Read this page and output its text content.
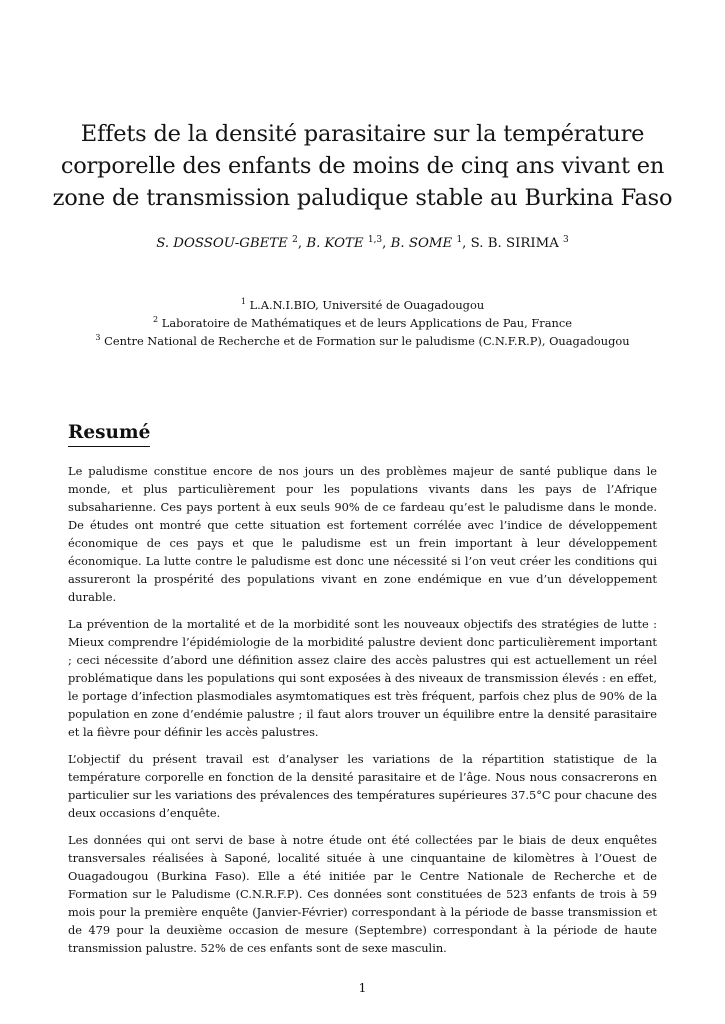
Effets de la densité parasitaire sur la température corporelle des enfants de moins de cinq ans vivant en zone de transmission paludique stable au Burkina Faso
S. DOSSOU-GBETE $^2$, B. KOTE $^{1,3}$, B. SOME $^1$, S. B. SIRIMA $^3$
$^1$ L.A.N.I.BIO, Université de Ouagadougou
$^2$ Laboratoire de Mathématiques et de leurs Applications de Pau, France
$^3$ Centre National de Recherche et de Formation sur le paludisme (C.N.F.R.P), Ouagadougou
Resumé

Le paludisme constitue encore de nos jours un des problèmes majeur de santé publique dans le monde, et plus particulièrement pour les populations vivants dans les pays de l’Afrique subsaharienne. Ces pays portent à eux seuls 90% de ce fardeau qu’est le paludisme dans le monde. De études ont montré que cette situation est fortement corrélée avec l’indice de développement économique de ces pays et que le paludisme est un frein important à leur développement économique. La lutte contre le paludisme est donc une nécessité si l’on veut créer les conditions qui assureront la prospérité des populations vivant en zone endémique en vue d’un développement durable.

La prévention de la mortalité et de la morbidité sont les nouveaux objectifs des stratégies de lutte : Mieux comprendre l’épidémiologie de la morbidité palustre devient donc particulièrement important ; ceci nécessite d’abord une définition assez claire des accès palustres qui est actuellement un réel problématique dans les populations qui sont exposées à des niveaux de transmission élevés : en effet, le portage d’infection plasmodiales asymtomatiques est très fréquent, parfois chez plus de 90% de la population en zone d’endémie palustre ; il faut alors trouver un équilibre entre la densité parasitaire et la fièvre pour définir les accès palustres.

L’objectif du présent travail est d’analyser les variations de la répartition statistique de la température corporelle en fonction de la densité parasitaire et de l’âge. Nous nous consacrerons en particulier sur les variations des prévalences des températures supérieures 37.5°C pour chacune des deux occasions d’enquête.

Les données qui ont servi de base à notre étude ont été collectées par le biais de deux enquêtes transversales réalisées à Saponé, localité située à une cinquantaine de kilomètres à l’Ouest de Ouagadougou (Burkina Faso). Elle a été initiée par le Centre Nationale de Recherche et de Formation sur le Paludisme (C.N.R.F.P). Ces données sont constituées de 523 enfants de trois à 59 mois pour la première enquête (Janvier-Février) correspondant à la période de basse transmission et de 479 pour la deuxième occasion de mesure (Septembre) correspondant à la période de haute transmission palustre. 52% de ces enfants sont de sexe masculin.

1
